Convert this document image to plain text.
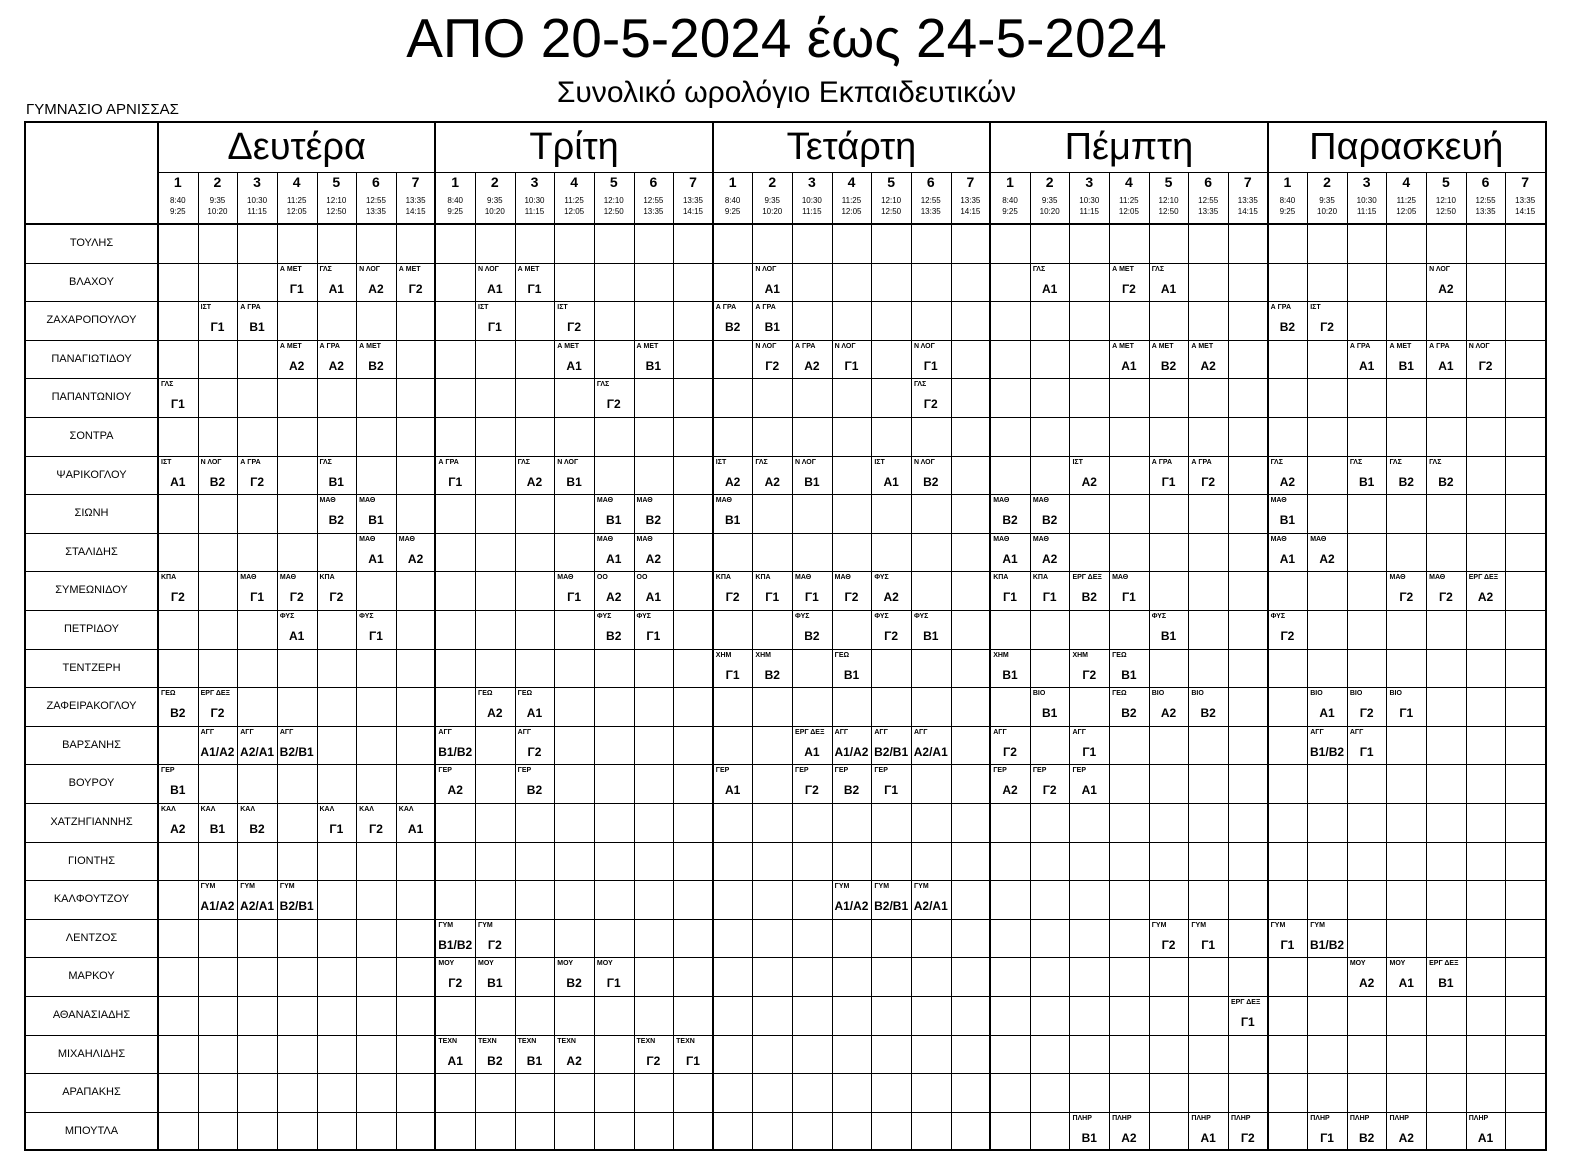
ΑΠΟ 20-5-2024 έως 24-5-2024
Συνολικό ωρολόγιο Εκπαιδευτικών
ΓΥΜΝΑΣΙΟ ΑΡΝΙΣΣΑΣ
Δευτέρα
1
8:40
9:25
2
9:35
10:20
3
10:30
11:15
4
11:25
12:05
5
12:10
12:50
6
12:55
13:35
7
13:35
14:15
Τρίτη
1
8:40
9:25
2
9:35
10:20
3
10:30
11:15
4
11:25
12:05
5
12:10
12:50
6
12:55
13:35
7
13:35
14:15
Τετάρτη
1
8:40
9:25
2
9:35
10:20
3
10:30
11:15
4
11:25
12:05
5
12:10
12:50
6
12:55
13:35
7
13:35
14:15
Πέμπτη
1
8:40
9:25
2
9:35
10:20
3
10:30
11:15
4
11:25
12:05
5
12:10
12:50
6
12:55
13:35
7
13:35
14:15
Παρασκευή
1
8:40
9:25
2
9:35
10:20
3
10:30
11:15
4
11:25
12:05
5
12:10
12:50
6
12:55
13:35
7
13:35
14:15
ΤΟΥΛΗΣ
ΒΛΑΧΟΥ
Α ΜΕΤ
Γ1
ΓΛΣ
Α1
Ν ΛΟΓ
Α2
Α ΜΕΤ
Γ2
Ν ΛΟΓ
Α1
Α ΜΕΤ
Γ1
Ν ΛΟΓ
Α1
ΓΛΣ
Α1
Α ΜΕΤ
Γ2
ΓΛΣ
Α1
Ν ΛΟΓ
Α2
ΖΑΧΑΡΟΠΟΥΛΟΥ
ΙΣΤ
Γ1
Α ΓΡΑ
Β1
ΙΣΤ
Γ1
ΙΣΤ
Γ2
Α ΓΡΑ
Β2
Α ΓΡΑ
Β1
Α ΓΡΑ
Β2
ΙΣΤ
Γ2
ΠΑΝΑΓΙΩΤΙΔΟΥ
Α ΜΕΤ
Α2
Α ΓΡΑ
Α2
Α ΜΕΤ
Β2
Α ΜΕΤ
Α1
Α ΜΕΤ
Β1
Ν ΛΟΓ
Γ2
Α ΓΡΑ
Α2
Ν ΛΟΓ
Γ1
Ν ΛΟΓ
Γ1
Α ΜΕΤ
Α1
Α ΜΕΤ
Β2
Α ΜΕΤ
Α2
Α ΓΡΑ
Α1
Α ΜΕΤ
Β1
Α ΓΡΑ
Α1
Ν ΛΟΓ
Γ2
ΠΑΠΑΝΤΩΝΙΟΥ
ΓΛΣ
Γ1
ΓΛΣ
Γ2
ΓΛΣ
Γ2
ΣΟΝΤΡΑ
ΨΑΡΙΚΟΓΛΟΥ
ΙΣΤ
Α1
Ν ΛΟΓ
Β2
Α ΓΡΑ
Γ2
ΓΛΣ
Β1
Α ΓΡΑ
Γ1
ΓΛΣ
Α2
Ν ΛΟΓ
Β1
ΙΣΤ
Α2
ΓΛΣ
Α2
Ν ΛΟΓ
Β1
ΙΣΤ
Α1
Ν ΛΟΓ
Β2
ΙΣΤ
Α2
Α ΓΡΑ
Γ1
Α ΓΡΑ
Γ2
ΓΛΣ
Α2
ΓΛΣ
Β1
ΓΛΣ
Β2
ΓΛΣ
Β2
ΣΙΩΝΗ
ΜΑΘ
Β2
ΜΑΘ
Β1
ΜΑΘ
Β1
ΜΑΘ
Β2
ΜΑΘ
Β1
ΜΑΘ
Β2
ΜΑΘ
Β2
ΜΑΘ
Β1
ΣΤΑΛΙΔΗΣ
ΜΑΘ
Α1
ΜΑΘ
Α2
ΜΑΘ
Α1
ΜΑΘ
Α2
ΜΑΘ
Α1
ΜΑΘ
Α2
ΜΑΘ
Α1
ΜΑΘ
Α2
ΣΥΜΕΩΝΙΔΟΥ
ΚΠΑ
Γ2
ΜΑΘ
Γ1
ΜΑΘ
Γ2
ΚΠΑ
Γ2
ΜΑΘ
Γ1
ΟΟ
Α2
ΟΟ
Α1
ΚΠΑ
Γ2
ΚΠΑ
Γ1
ΜΑΘ
Γ1
ΜΑΘ
Γ2
ΦΥΣ
Α2
ΚΠΑ
Γ1
ΚΠΑ
Γ1
ΕΡΓ ΔΕΞ
Β2
ΜΑΘ
Γ1
ΜΑΘ
Γ2
ΜΑΘ
Γ2
ΕΡΓ ΔΕΞ
Α2
ΠΕΤΡΙΔΟΥ
ΦΥΣ
Α1
ΦΥΣ
Γ1
ΦΥΣ
Β2
ΦΥΣ
Γ1
ΦΥΣ
Β2
ΦΥΣ
Γ2
ΦΥΣ
Β1
ΦΥΣ
Β1
ΦΥΣ
Γ2
ΤΕΝΤΖΕΡΗ
ΧΗΜ
Γ1
ΧΗΜ
Β2
ΓΕΩ
Β1
ΧΗΜ
Β1
ΧΗΜ
Γ2
ΓΕΩ
Β1
ΖΑΦΕΙΡΑΚΟΓΛΟΥ
ΓΕΩ
Β2
ΕΡΓ ΔΕΞ
Γ2
ΓΕΩ
Α2
ΓΕΩ
Α1
ΒΙΟ
Β1
ΓΕΩ
Β2
ΒΙΟ
Α2
ΒΙΟ
Β2
ΒΙΟ
Α1
ΒΙΟ
Γ2
ΒΙΟ
Γ1
ΒΑΡΣΑΝΗΣ
ΑΓΓ
Α1/Α2
ΑΓΓ
Α2/Α1
ΑΓΓ
Β2/Β1
ΑΓΓ
Β1/Β2
ΑΓΓ
Γ2
ΕΡΓ ΔΕΞ
Α1
ΑΓΓ
Α1/Α2
ΑΓΓ
Β2/Β1
ΑΓΓ
Α2/Α1
ΑΓΓ
Γ2
ΑΓΓ
Γ1
ΑΓΓ
Β1/Β2
ΑΓΓ
Γ1
ΒΟΥΡΟΥ
ΓΕΡ
Β1
ΓΕΡ
Α2
ΓΕΡ
Β2
ΓΕΡ
Α1
ΓΕΡ
Γ2
ΓΕΡ
Β2
ΓΕΡ
Γ1
ΓΕΡ
Α2
ΓΕΡ
Γ2
ΓΕΡ
Α1
ΧΑΤΖΗΓΙΑΝΝΗΣ
ΚΑΛ
Α2
ΚΑΛ
Β1
ΚΑΛ
Β2
ΚΑΛ
Γ1
ΚΑΛ
Γ2
ΚΑΛ
Α1
ΓΙΟΝΤΗΣ
ΚΑΛΦΟΥΤΖΟΥ
ΓΥΜ
Α1/Α2
ΓΥΜ
Α2/Α1
ΓΥΜ
Β2/Β1
ΓΥΜ
Α1/Α2
ΓΥΜ
Β2/Β1
ΓΥΜ
Α2/Α1
ΛΕΝΤΖΟΣ
ΓΥΜ
Β1/Β2
ΓΥΜ
Γ2
ΓΥΜ
Γ2
ΓΥΜ
Γ1
ΓΥΜ
Γ1
ΓΥΜ
Β1/Β2
ΜΑΡΚΟΥ
ΜΟΥ
Γ2
ΜΟΥ
Β1
ΜΟΥ
Β2
ΜΟΥ
Γ1
ΜΟΥ
Α2
ΜΟΥ
Α1
ΕΡΓ ΔΕΞ
Β1
ΑΘΑΝΑΣΙΑΔΗΣ
ΕΡΓ ΔΕΞ
Γ1
ΜΙΧΑΗΛΙΔΗΣ
ΤΕΧΝ
Α1
ΤΕΧΝ
Β2
ΤΕΧΝ
Β1
ΤΕΧΝ
Α2
ΤΕΧΝ
Γ2
ΤΕΧΝ
Γ1
ΑΡΑΠΑΚΗΣ
ΜΠΟΥΤΛΑ
ΠΛΗΡ
Β1
ΠΛΗΡ
Α2
ΠΛΗΡ
Α1
ΠΛΗΡ
Γ2
ΠΛΗΡ
Γ1
ΠΛΗΡ
Β2
ΠΛΗΡ
Α2
ΠΛΗΡ
Α1
